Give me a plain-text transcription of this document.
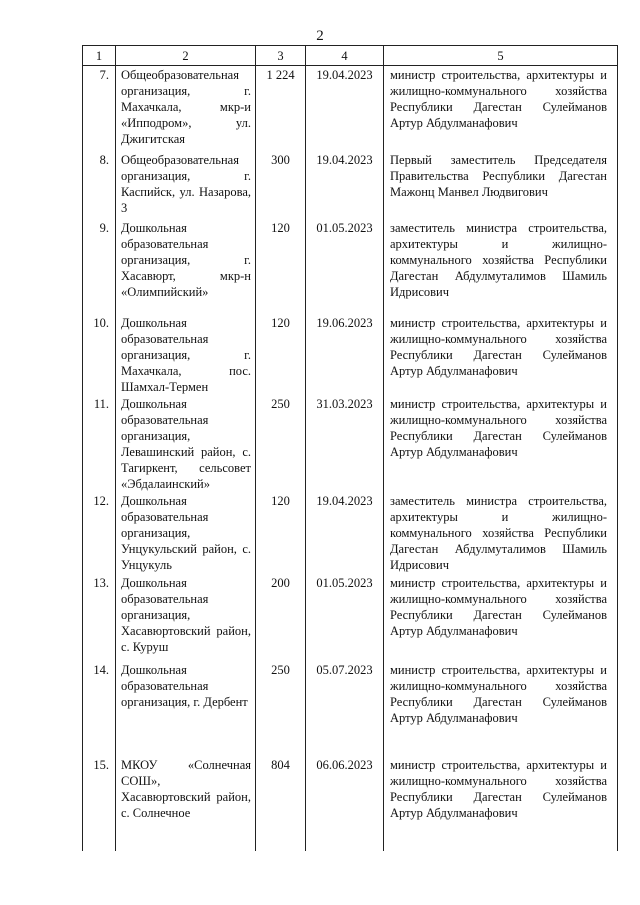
2
1	2	3	4	5
7.	Общеобразовательная организация, г. Махачкала, мкр-и «Ипподром», ул. Джигитская	1 224	19.04.2023	министр строительства, архитектуры и жилищно-коммунального хозяйства Республики Дагестан Сулейманов Артур Абдулманафович
8.	Общеобразовательная организация, г. Каспийск, ул. Назарова, 3	300	19.04.2023	Первый заместитель Председателя Правительства Республики Дагестан Мажонц Манвел Людвигович
9.	Дошкольная образовательная организация, г. Хасавюрт, мкр-н «Олимпийский»	120	01.05.2023	заместитель министра строительства, архитектуры и жилищно-коммунального хозяйства Республики Дагестан Абдулмуталимов Шамиль Идрисович
10.	Дошкольная образовательная организация, г. Махачкала, пос. Шамхал-Термен	120	19.06.2023	министр строительства, архитектуры и жилищно-коммунального хозяйства Республики Дагестан Сулейманов Артур Абдулманафович
11.	Дошкольная образовательная организация, Левашинский район, с. Тагиркент, сельсовет «Эбдалаинский»	250	31.03.2023	министр строительства, архитектуры и жилищно-коммунального хозяйства Республики Дагестан Сулейманов Артур Абдулманафович
12.	Дошкольная образовательная организация, Унцукульский район, с. Унцукуль	120	19.04.2023	заместитель министра строительства, архитектуры и жилищно-коммунального хозяйства Республики Дагестан Абдулмуталимов Шамиль Идрисович
13.	Дошкольная образовательная организация, Хасавюртовский район, с. Куруш	200	01.05.2023	министр строительства, архитектуры и жилищно-коммунального хозяйства Республики Дагестан Сулейманов Артур Абдулманафович
14.	Дошкольная образовательная организация, г. Дербент	250	05.07.2023	министр строительства, архитектуры и жилищно-коммунального хозяйства Республики Дагестан Сулейманов Артур Абдулманафович
15.	МКОУ «Солнечная СОШ», Хасавюртовский район, с. Солнечное	804	06.06.2023	министр строительства, архитектуры и жилищно-коммунального хозяйства Республики Дагестан Сулейманов Артур Абдулманафович
